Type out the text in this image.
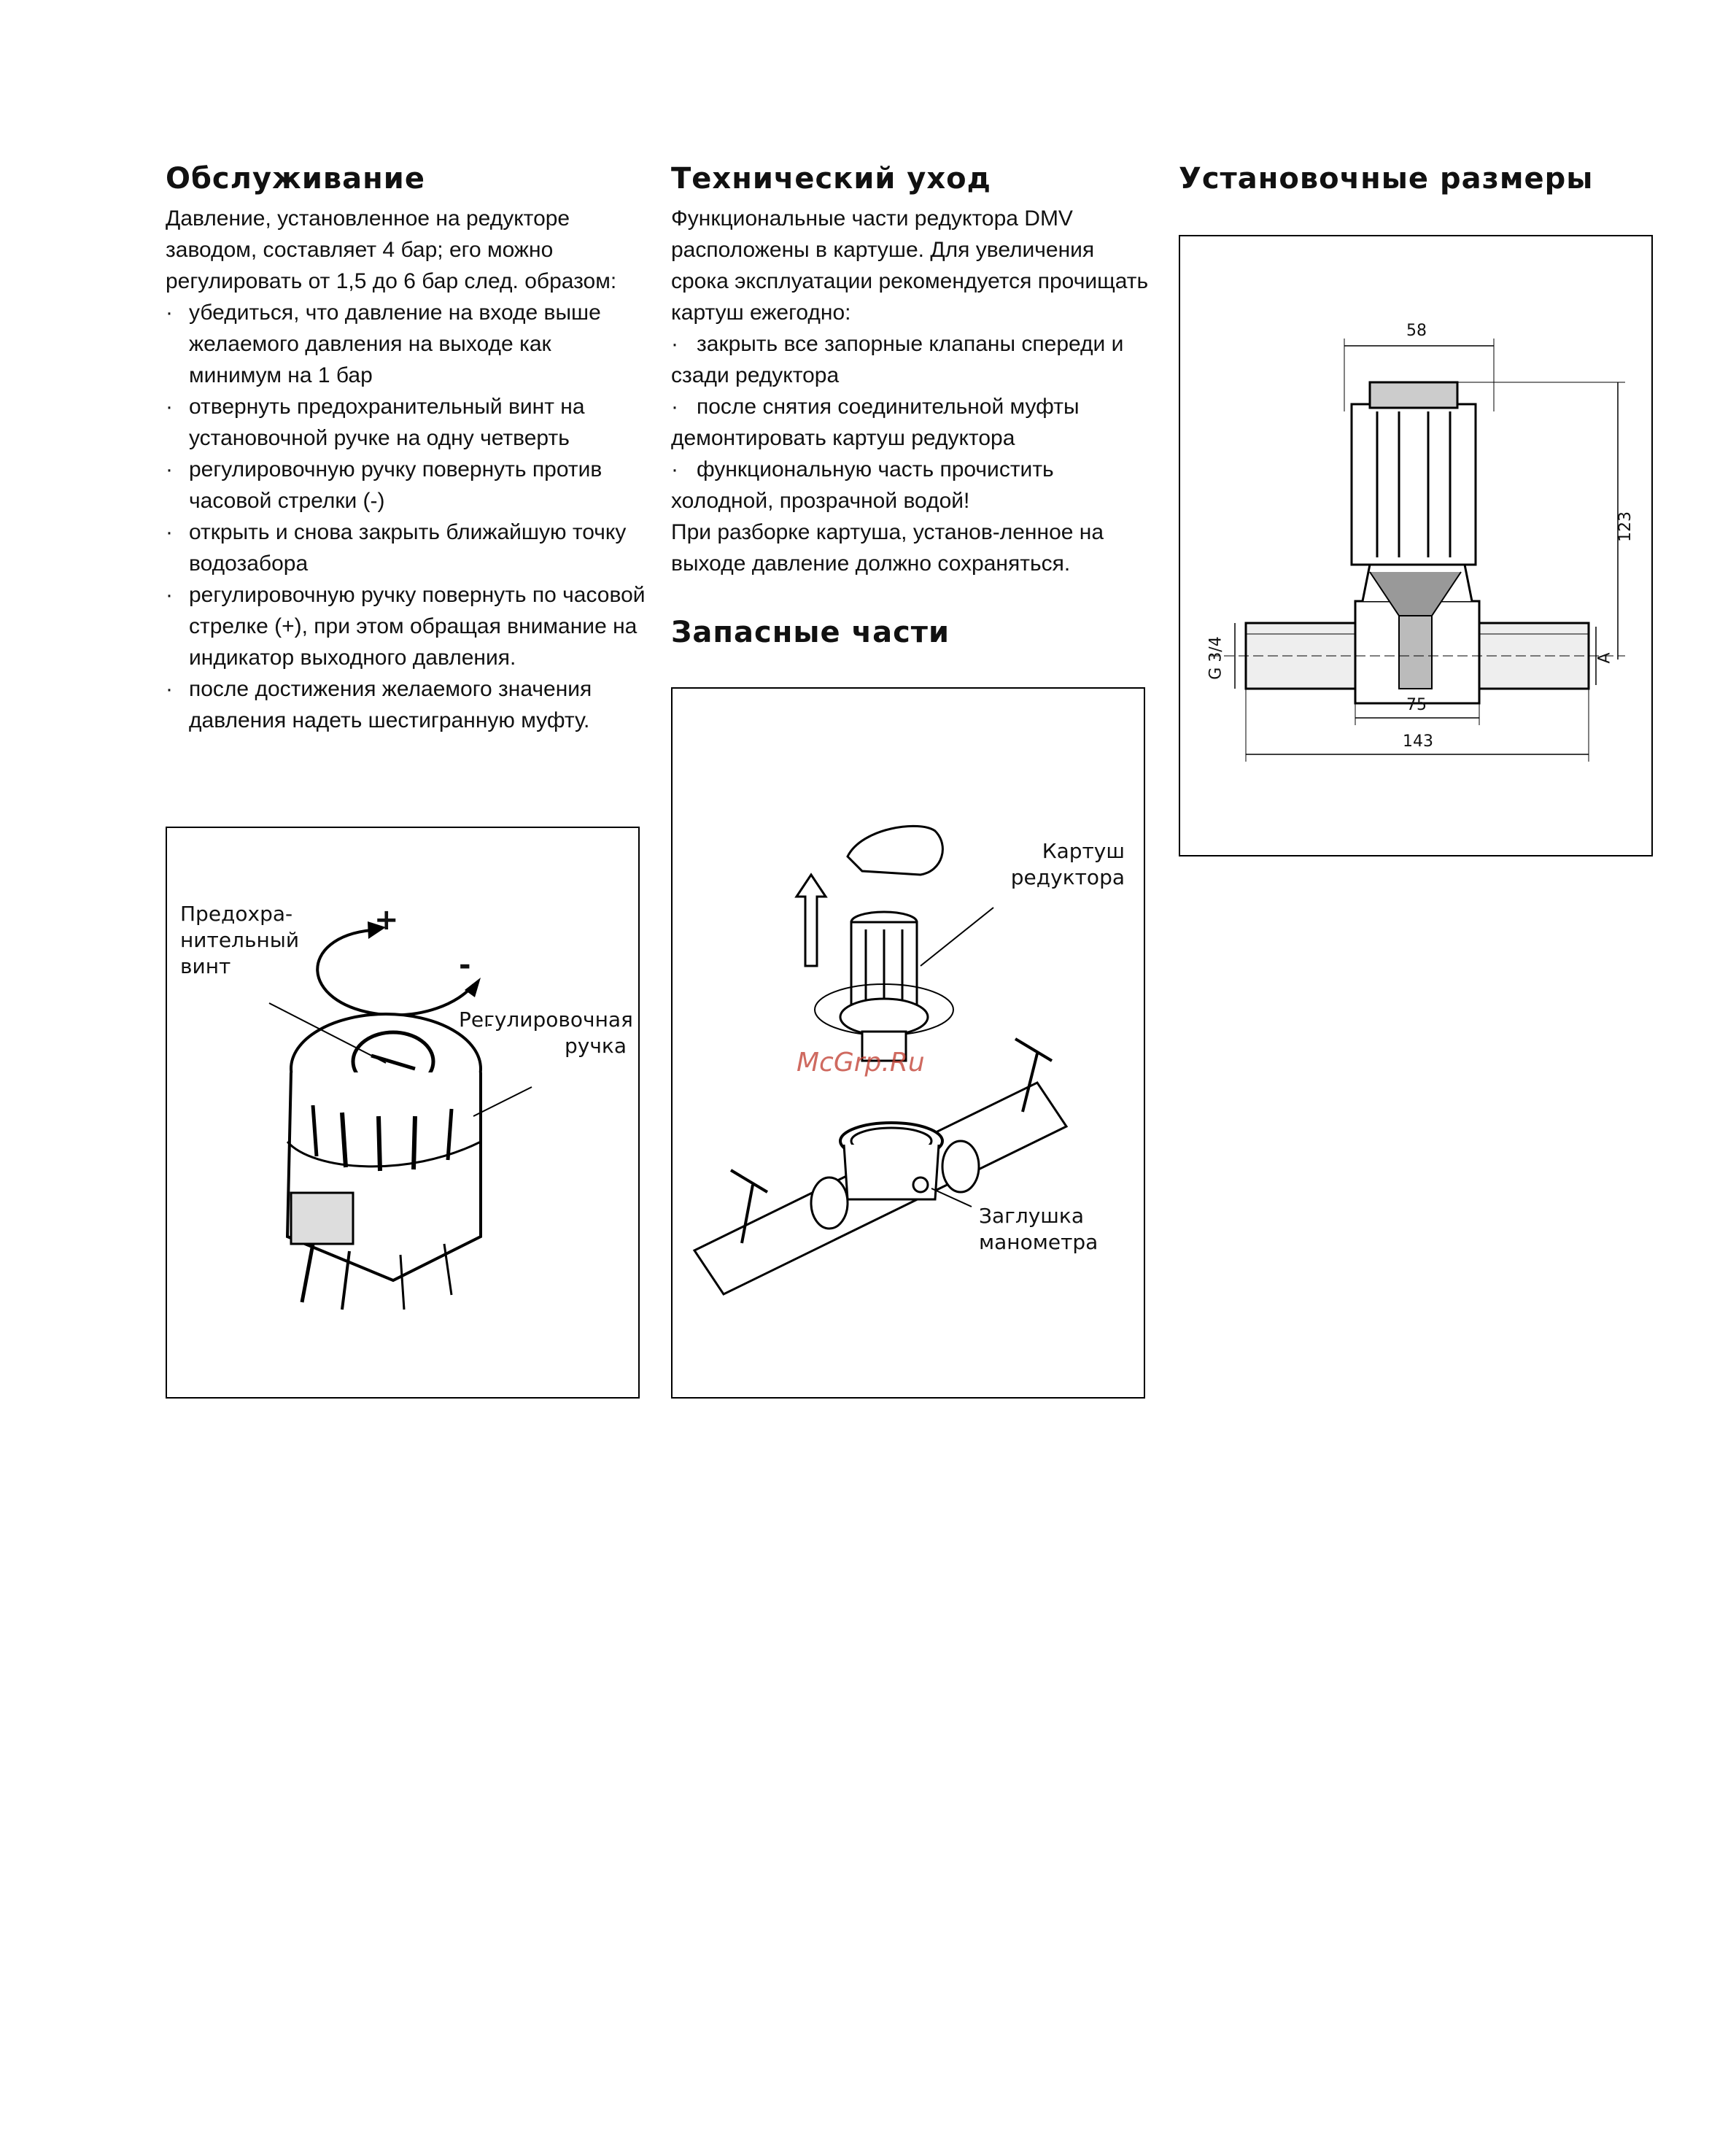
Обслуживание

Давление, установленное на редукторе заводом, составляет 4 бар; его можно регулировать от 1,5 до 6 бар след. образом:

· убедиться, что давление на входе выше желаемого давления на выходе как минимум на 1 бар
· отвернуть предохранительный винт на установочной ручке на одну четверть
· регулировочную ручку повернуть против часовой стрелки (-)
· открыть и снова закрыть ближайшую точку водозабора
· регулировочную ручку повернуть по часовой стрелке (+), при этом обращая внимание на индикатор выходного давления.
· после достижения желаемого значения давления надеть шестигранную муфту.
Предохра-
нительный
винт
Регулировочная
ручка
+
-
Технический уход

Функциональные части редуктора DMV расположены в картуше. Для увеличения срока эксплуатации рекомендуется прочищать картуш ежегодно:

· закрыть все запорные клапаны спереди и сзади редуктора
· после снятия соединительной муфты демонтировать картуш редуктора
· функциональную часть прочистить холодной, прозрачной водой!

При разборке картуша, установ-ленное на выходе давление должно сохраняться.

Запасные части
Картуш
редуктора
Заглушка
манометра
McGrp.Ru
Установочные размеры
58
123
G 3/4	A
75
143
